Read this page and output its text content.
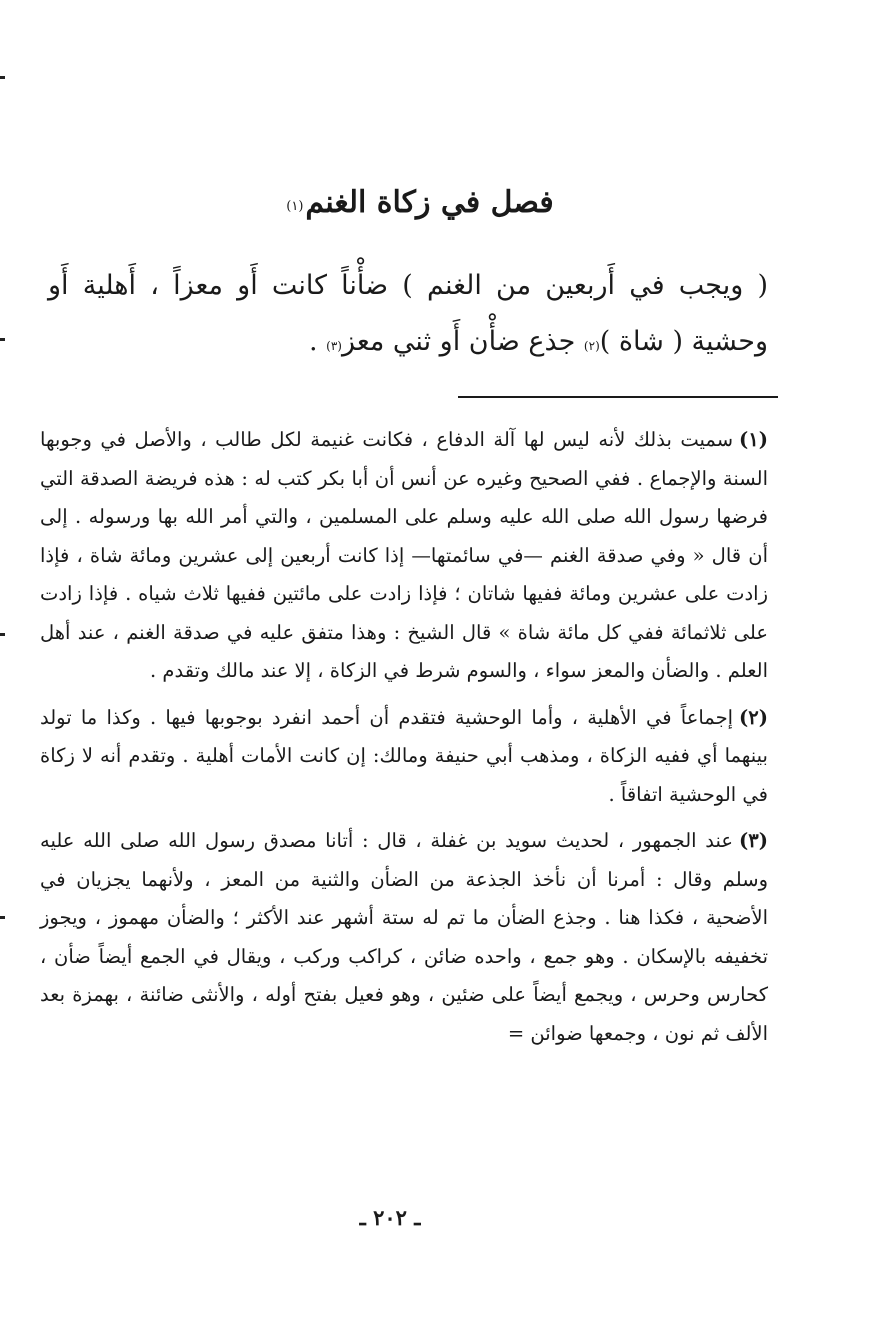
فصل في زكاة الغنم$^{(١)}$
( ويجب في أَربعين من الغنم ) ضأْناً كانت أَو معزاً ، أَهلية أَو وحشية ( شاة )$^{(٢)}$ جذع ضأْن أَو ثني معز$^{(٣)}$ .

(١)سميت بذلك لأنه ليس لها آلة الدفاع ، فكانت غنيمة لكل طالب ، والأصل في وجوبها السنة والإجماع . ففي الصحيح وغيره عن أنس أن أبا بكر كتب له : هذه فريضة الصدقة التي فرضها رسول الله صلى الله عليه وسلم على المسلمين ، والتي أمر الله بها ورسوله . إلى أن قال « وفي صدقة الغنم —في سائمتها— إذا كانت أربعين إلى عشرين ومائة شاة ، فإذا زادت على عشرين ومائة ففيها شاتان ؛ فإذا زادت على مائتين ففيها ثلاث شياه . فإذا زادت على ثلاثمائة ففي كل مائة شاة » قال الشيخ : وهذا متفق عليه في صدقة الغنم ، عند أهل العلم . والضأن والمعز سواء ، والسوم شرط في الزكاة ، إلا عند مالك وتقدم .

(٢)إجماعاً في الأهلية ، وأما الوحشية فتقدم أن أحمد انفرد بوجوبها فيها . وكذا ما تولد بينهما أي ففيه الزكاة ، ومذهب أبي حنيفة ومالك: إن كانت الأمات أهلية . وتقدم أنه لا زكاة في الوحشية اتفاقاً .

(٣)عند الجمهور ، لحديث سويد بن غفلة ، قال : أتانا مصدق رسول الله صلى الله عليه وسلم وقال : أمرنا أن نأخذ الجذعة من الضأن والثنية من المعز ، ولأنهما يجزيان في الأضحية ، فكذا هنا . وجذع الضأن ما تم له ستة أشهر عند الأكثر ؛ والضأن مهموز ، ويجوز تخفيفه بالإسكان . وهو جمع ، واحده ضائن ، كراكب وركب ، ويقال في الجمع أيضاً ضأن ، كحارس وحرس ، ويجمع أيضاً على ضئين ، وهو فعيل بفتح أوله ، والأنثى ضائنة ، بهمزة بعد الألف ثم نون ، وجمعها ضوائن =

ـ ٢٠٢ ـ
